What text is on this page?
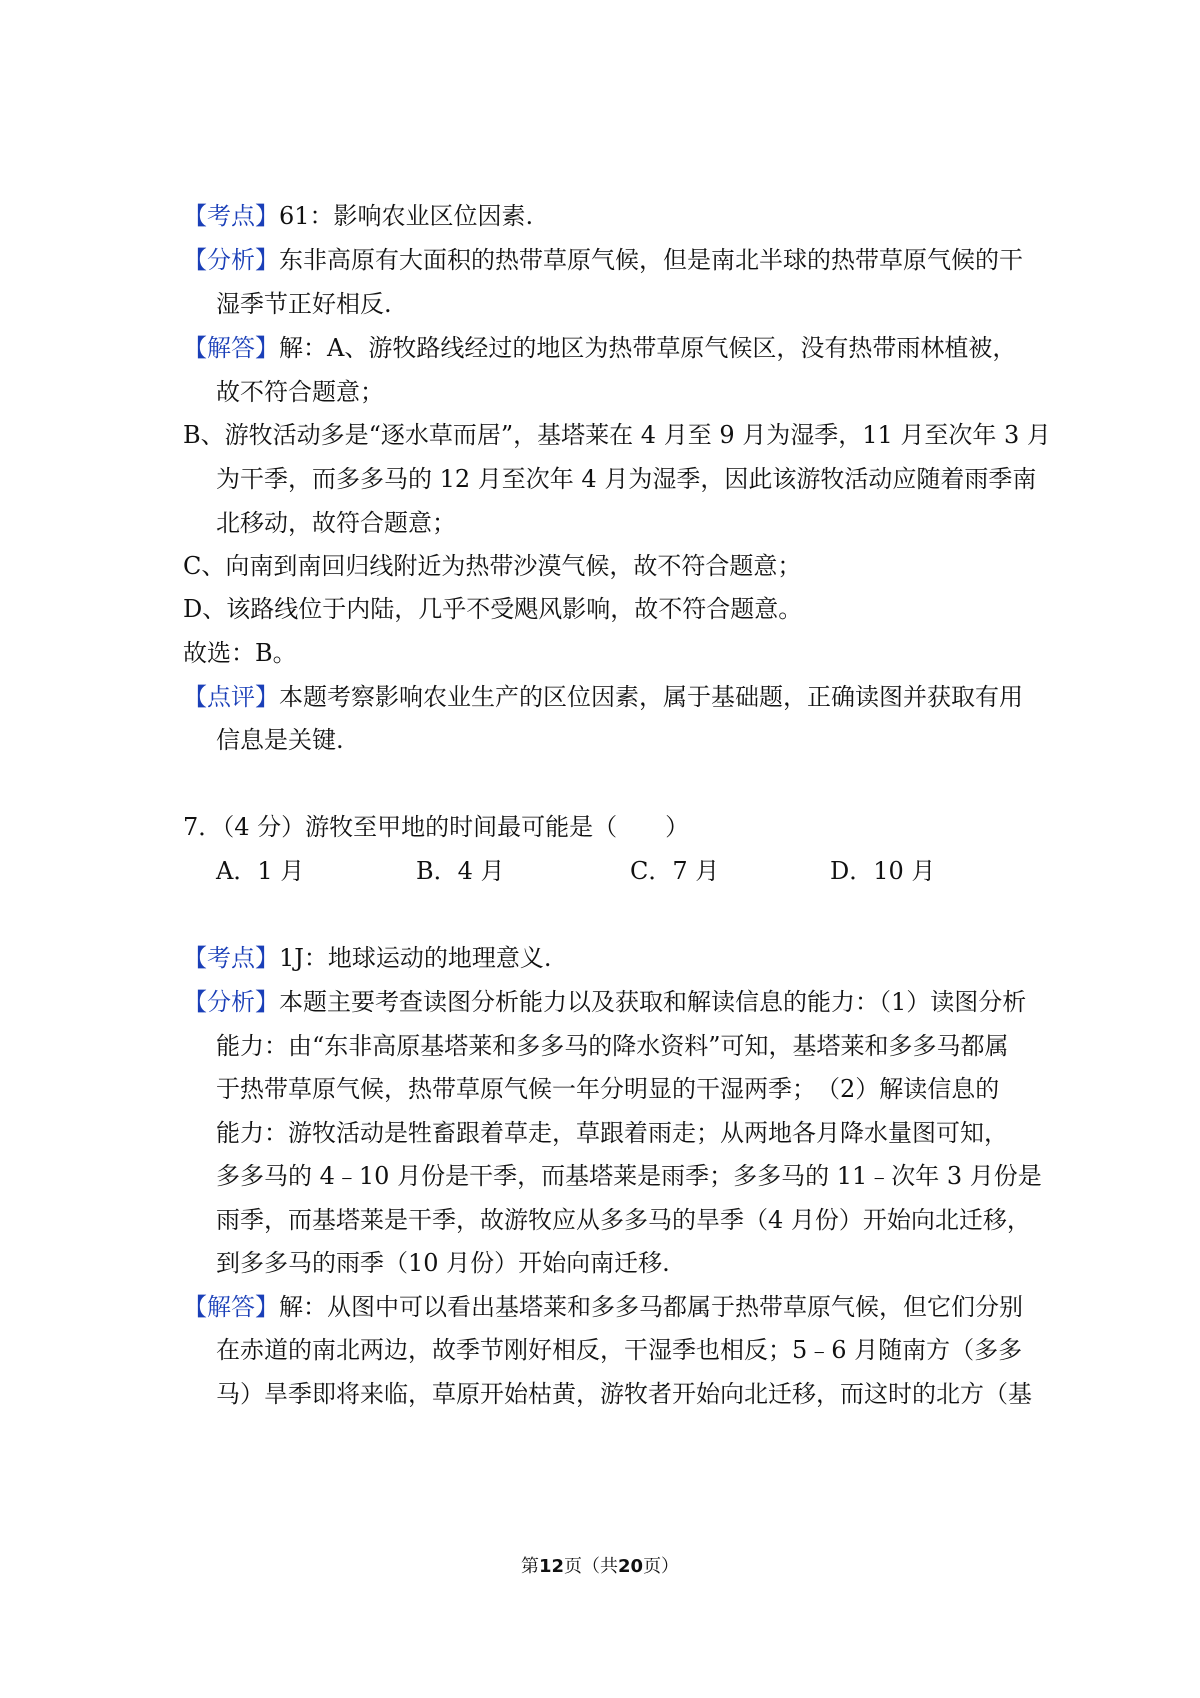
【考点】61：影响农业区位因素.
【分析】东非高原有大面积的热带草原气候，但是南北半球的热带草原气候的干
湿季节正好相反.
【解答】解：A、游牧路线经过的地区为热带草原气候区，没有热带雨林植被，
故不符合题意；
B、游牧活动多是“逐水草而居”，基塔莱在 4 月至 9 月为湿季，11 月至次年 3 月
为干季，而多多马的 12 月至次年 4 月为湿季，因此该游牧活动应随着雨季南
北移动，故符合题意；
C、向南到南回归线附近为热带沙漠气候，故不符合题意；
D、该路线位于内陆，几乎不受飓风影响，故不符合题意。
故选：B。
【点评】本题考察影响农业生产的区位因素，属于基础题，正确读图并获取有用
信息是关键.
7．（4 分）游牧至甲地的时间最可能是（　　）
A．1 月	B．4 月	C．7 月	D．10 月
【考点】1J：地球运动的地理意义.
【分析】本题主要考查读图分析能力以及获取和解读信息的能力：（1）读图分析
能力：由“东非高原基塔莱和多多马的降水资料”可知，基塔莱和多多马都属
于热带草原气候，热带草原气候一年分明显的干湿两季；　（2）解读信息的
能力：游牧活动是牲畜跟着草走，草跟着雨走；从两地各月降水量图可知，
多多马的 4﹣10 月份是干季，而基塔莱是雨季；多多马的 11﹣次年 3 月份是
雨季，而基塔莱是干季，故游牧应从多多马的旱季（4 月份）开始向北迁移，
到多多马的雨季（10 月份）开始向南迁移.
【解答】解：从图中可以看出基塔莱和多多马都属于热带草原气候，但它们分别
在赤道的南北两边，故季节刚好相反，干湿季也相反；5﹣6 月随南方（多多
马）旱季即将来临，草原开始枯黄，游牧者开始向北迁移，而这时的北方（基
第12页（共20页）
